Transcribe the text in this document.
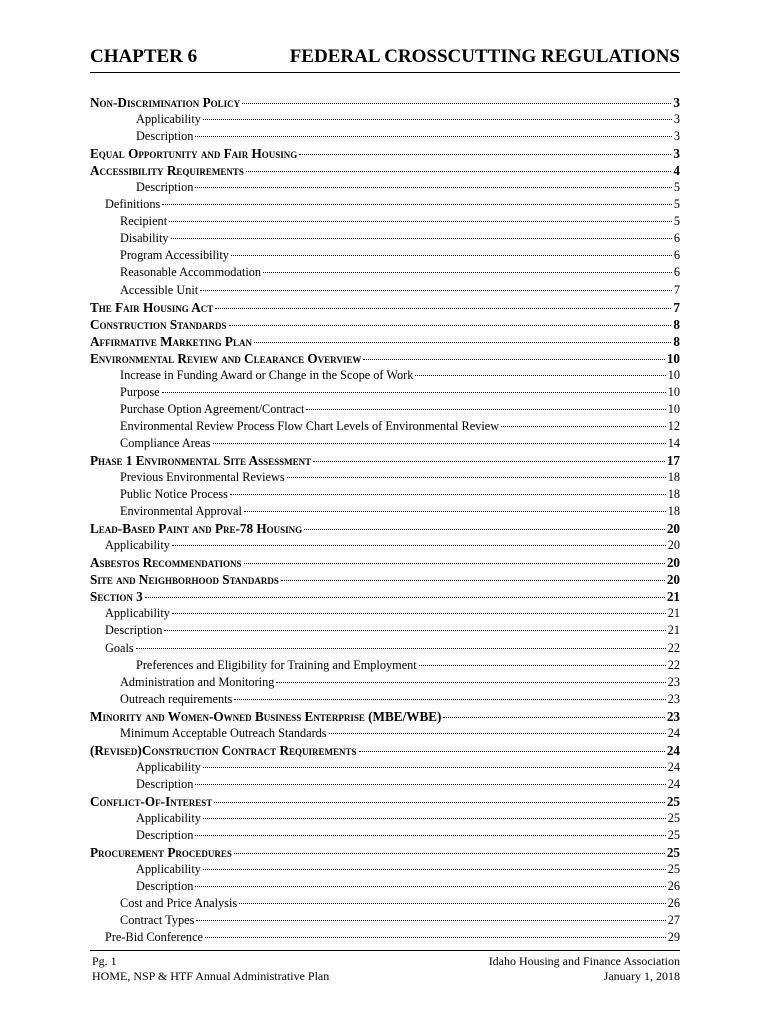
CHAPTER 6	FEDERAL CROSSCUTTING REGULATIONS
Non-Discrimination Policy	3
Applicability	3
Description	3
Equal Opportunity and Fair Housing	3
Accessibility Requirements	4
Description	5
Definitions	5
Recipient	5
Disability	6
Program Accessibility	6
Reasonable Accommodation	6
Accessible Unit	7
The Fair Housing Act	7
Construction Standards	8
Affirmative Marketing Plan	8
Environmental Review and Clearance Overview	10
Increase in Funding Award or Change in the Scope of Work	10
Purpose	10
Purchase Option Agreement/Contract	10
Environmental Review Process Flow Chart Levels of Environmental Review	12
Compliance Areas	14
Phase 1 Environmental Site Assessment	17
Previous Environmental Reviews	18
Public Notice Process	18
Environmental Approval	18
Lead-Based Paint and Pre-78 Housing	20
Applicability	20
Asbestos Recommendations	20
Site and Neighborhood Standards	20
Section 3	21
Applicability	21
Description	21
Goals	22
Preferences and Eligibility for Training and Employment	22
Administration and Monitoring	23
Outreach requirements	23
Minority and Women-Owned Business Enterprise (MBE/WBE)	23
Minimum Acceptable Outreach Standards	24
(Revised)Construction Contract Requirements	24
Applicability	24
Description	24
Conflict-Of-Interest	25
Applicability	25
Description	25
Procurement Procedures	25
Applicability	25
Description	26
Cost and Price Analysis	26
Contract Types	27
Pre-Bid Conference	29
Pg. 1
HOME, NSP & HTF Annual Administrative Plan
Idaho Housing and Finance Association
January 1, 2018
